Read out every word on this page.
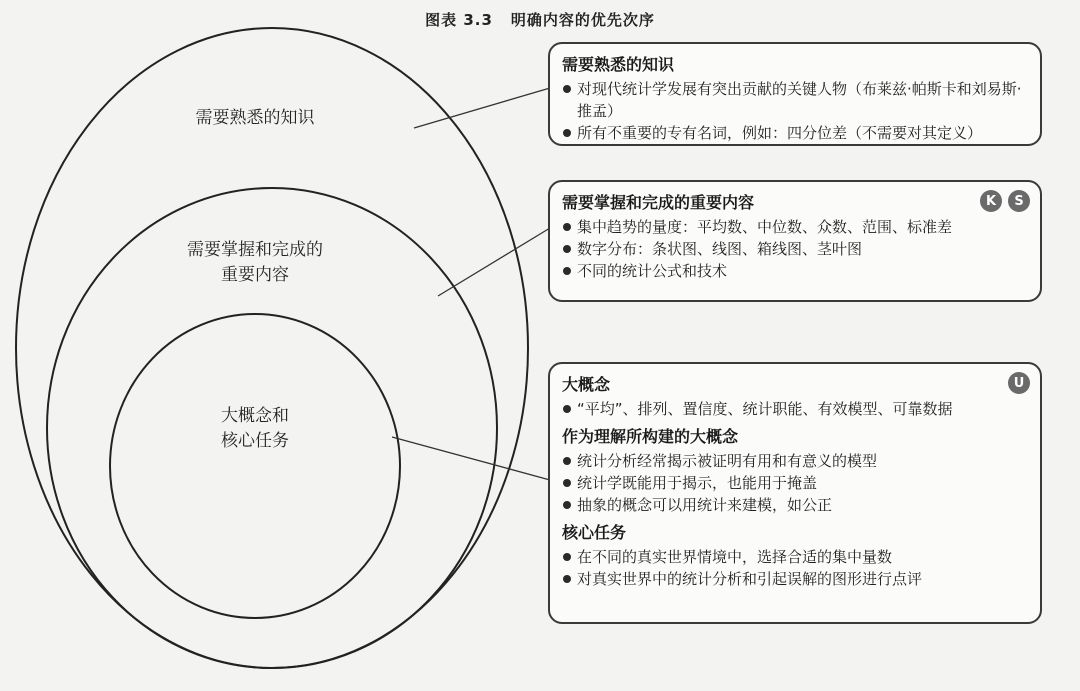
图表 3.3 明确内容的优先次序
需要熟悉的知识
需要掌握和完成的
重要内容
大概念和
核心任务
需要熟悉的知识
对现代统计学发展有突出贡献的关键人物（布莱兹·帕斯卡和刘易斯·推孟）
所有不重要的专有名词，例如：四分位差（不需要对其定义）
K	S
需要掌握和完成的重要内容
集中趋势的量度：平均数、中位数、众数、范围、标准差
数字分布：条状图、线图、箱线图、茎叶图
不同的统计公式和技术
U
大概念
“平均”、排列、置信度、统计职能、有效模型、可靠数据
作为理解所构建的大概念
统计分析经常揭示被证明有用和有意义的模型
统计学既能用于揭示，也能用于掩盖
抽象的概念可以用统计来建模，如公正
核心任务
在不同的真实世界情境中，选择合适的集中量数
对真实世界中的统计分析和引起误解的图形进行点评
